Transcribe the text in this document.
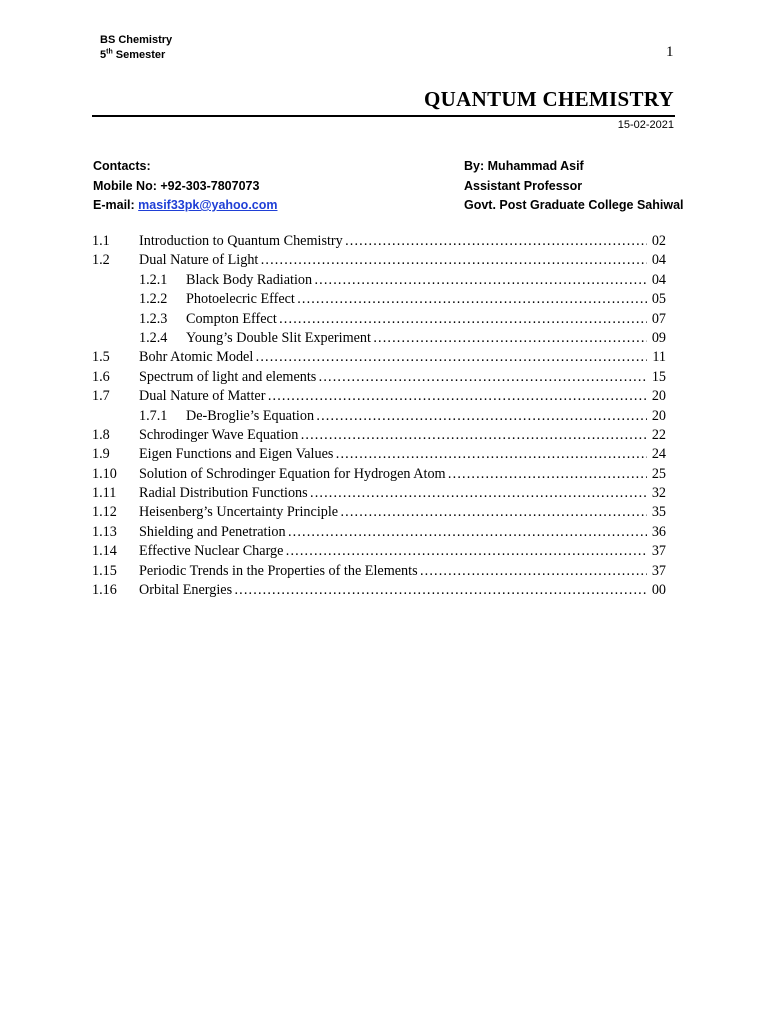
BS Chemistry
5th Semester	1
QUANTUM CHEMISTRY
15-02-2021
Contacts:
Mobile No: +92-303-7807073
E-mail: masif33pk@yahoo.com
By: Muhammad Asif
Assistant Professor
Govt. Post Graduate College Sahiwal
1.1 Introduction to Quantum Chemistry . . .	02
1.2 Dual Nature of Light . . .	04
1.2.1 Black Body Radiation . . .	04
1.2.2 Photoelecric Effect . . .	05
1.2.3 Compton Effect . . .	07
1.2.4 Young’s Double Slit Experiment . . .	09
1.5 Bohr Atomic Model . . .	11
1.6 Spectrum of light and elements . . .	15
1.7 Dual Nature of Matter . . .	20
1.7.1 De-Broglie’s Equation . . .	20
1.8 Schrodinger Wave Equation . . .	22
1.9 Eigen Functions and Eigen Values . . .	24
1.10 Solution of Schrodinger Equation for Hydrogen Atom . . .	25
1.11 Radial Distribution Functions . . .	32
1.12 Heisenberg’s Uncertainty Principle . . .	35
1.13 Shielding and Penetration . . .	36
1.14 Effective Nuclear Charge . . .	37
1.15 Periodic Trends in the Properties of the Elements . . .	37
1.16 Orbital Energies . . .	00
